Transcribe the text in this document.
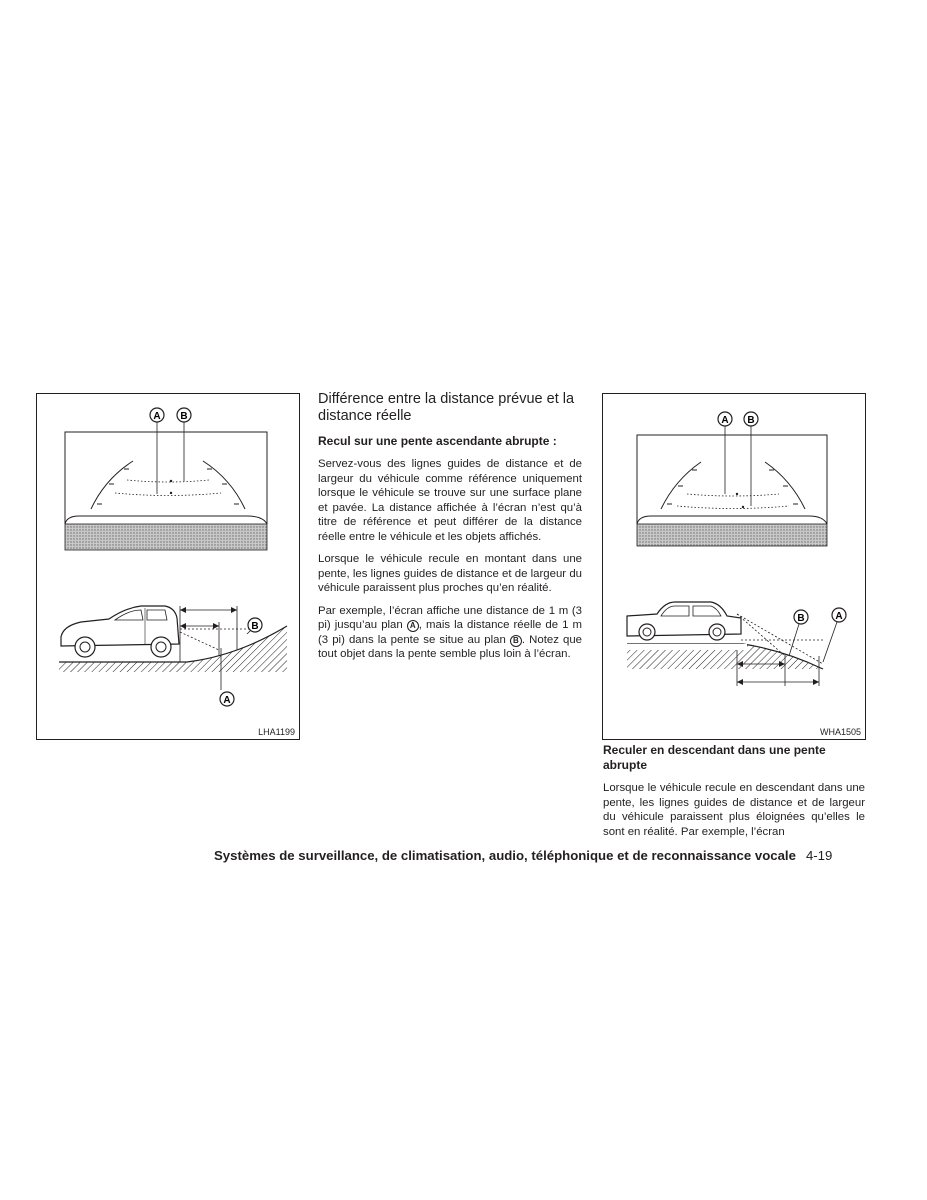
A B
B
A
LHA1199
Différence entre la distance prévue et la distance réelle
Recul sur une pente ascendante abrupte :
Servez-vous des lignes guides de distance et de largeur du véhicule comme référence uniquement lorsque le véhicule se trouve sur une surface plane et pavée. La distance affichée à l’écran n’est qu’à titre de référence et peut différer de la distance réelle entre le véhicule et les objets affichés.
Lorsque le véhicule recule en montant dans une pente, les lignes guides de distance et de largeur du véhicule paraissent plus proches qu’en réalité.
Par exemple, l’écran affiche une distance de 1 m (3 pi) jusqu’au plan A , mais la distance réelle de 1 m (3 pi) dans la pente se situe au plan B . Notez que tout objet dans la pente semble plus loin à l’écran.
A B
B	A
WHA1505
Reculer en descendant dans une pente abrupte
Lorsque le véhicule recule en descendant dans une pente, les lignes guides de distance et de largeur du véhicule paraissent plus éloignées qu’elles le sont en réalité. Par exemple, l’écran
Systèmes de surveillance, de climatisation, audio, téléphonique et de reconnaissance vocale 4-19
